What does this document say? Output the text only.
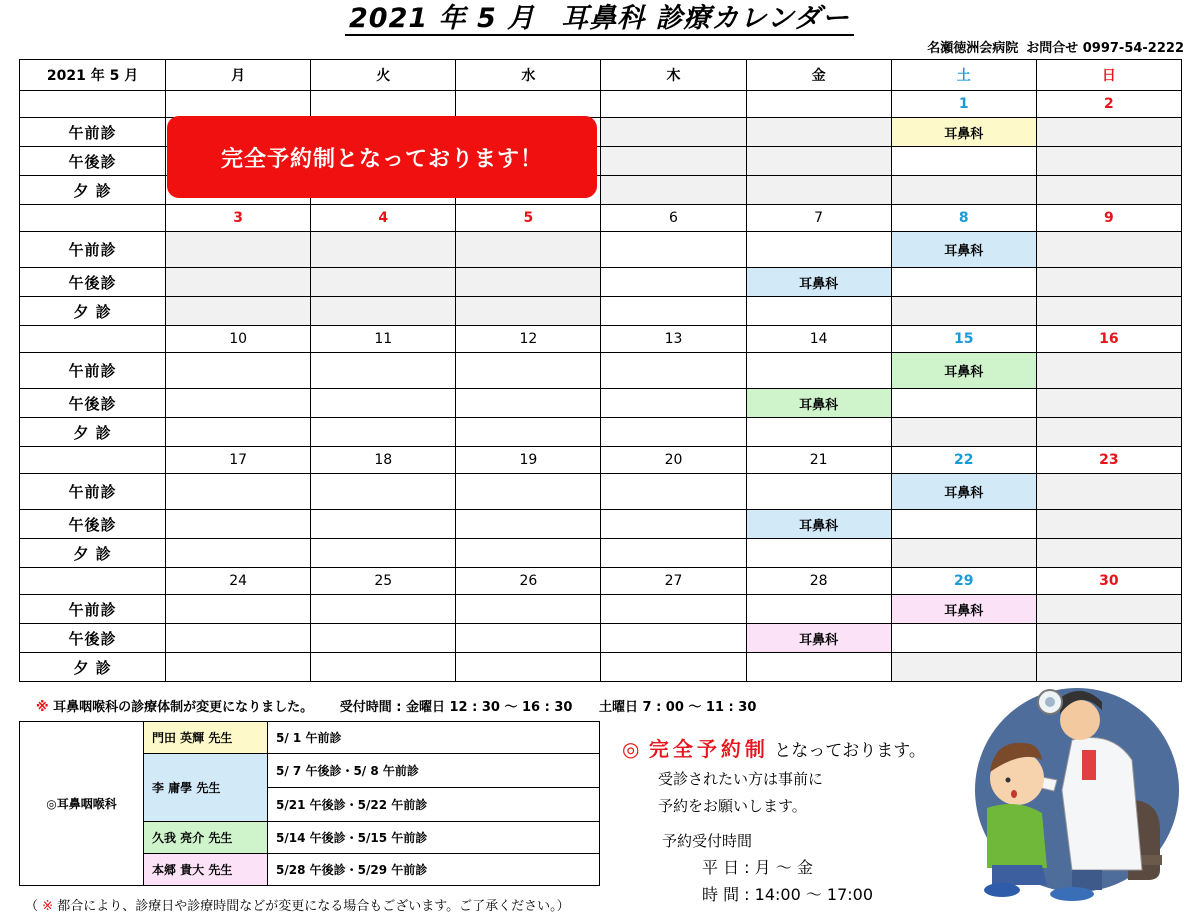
2021 年 5 月 耳鼻科 診療カレンダー
名瀬徳洲会病院 お問合せ 0997-54-2222
2021 年 5 月	月	火	水	木	金	土	日
						1	2
午前診						耳鼻科	
午後診							
夕 診							
	3	4	5	6	7	8	9
午前診						耳鼻科	
午後診					耳鼻科		
夕 診							
	10	11	12	13	14	15	16
午前診						耳鼻科	
午後診					耳鼻科		
夕 診							
	17	18	19	20	21	22	23
午前診						耳鼻科	
午後診					耳鼻科		
夕 診							
	24	25	26	27	28	29	30
午前診						耳鼻科	
午後診					耳鼻科		
夕 診							
完全予約制となっております！
※ 耳鼻咽喉科の診療体制が変更になりました。 受付時間 : 金曜日 12 : 30 〜 16 : 30 土曜日 7 : 00 〜 11 : 30
◎耳鼻咽喉科	門田 英輝 先生	5/ 1 午前診
	李 庸學 先生	5/ 7 午後診・5/ 8 午前診
		5/21 午後診・5/22 午前診
	久我 亮介 先生	5/14 午後診・5/15 午前診
	本郷 貴大 先生	5/28 午後診・5/29 午前診
（ ※ 都合により、診療日や診療時間などが変更になる場合もございます。ご了承ください。）
◎ 完全予約制 となっております。
受診されたい方は事前に
予約をお願いします。
予約受付時間
平 日 : 月 〜 金
時 間 : 14:00 〜 17:00
